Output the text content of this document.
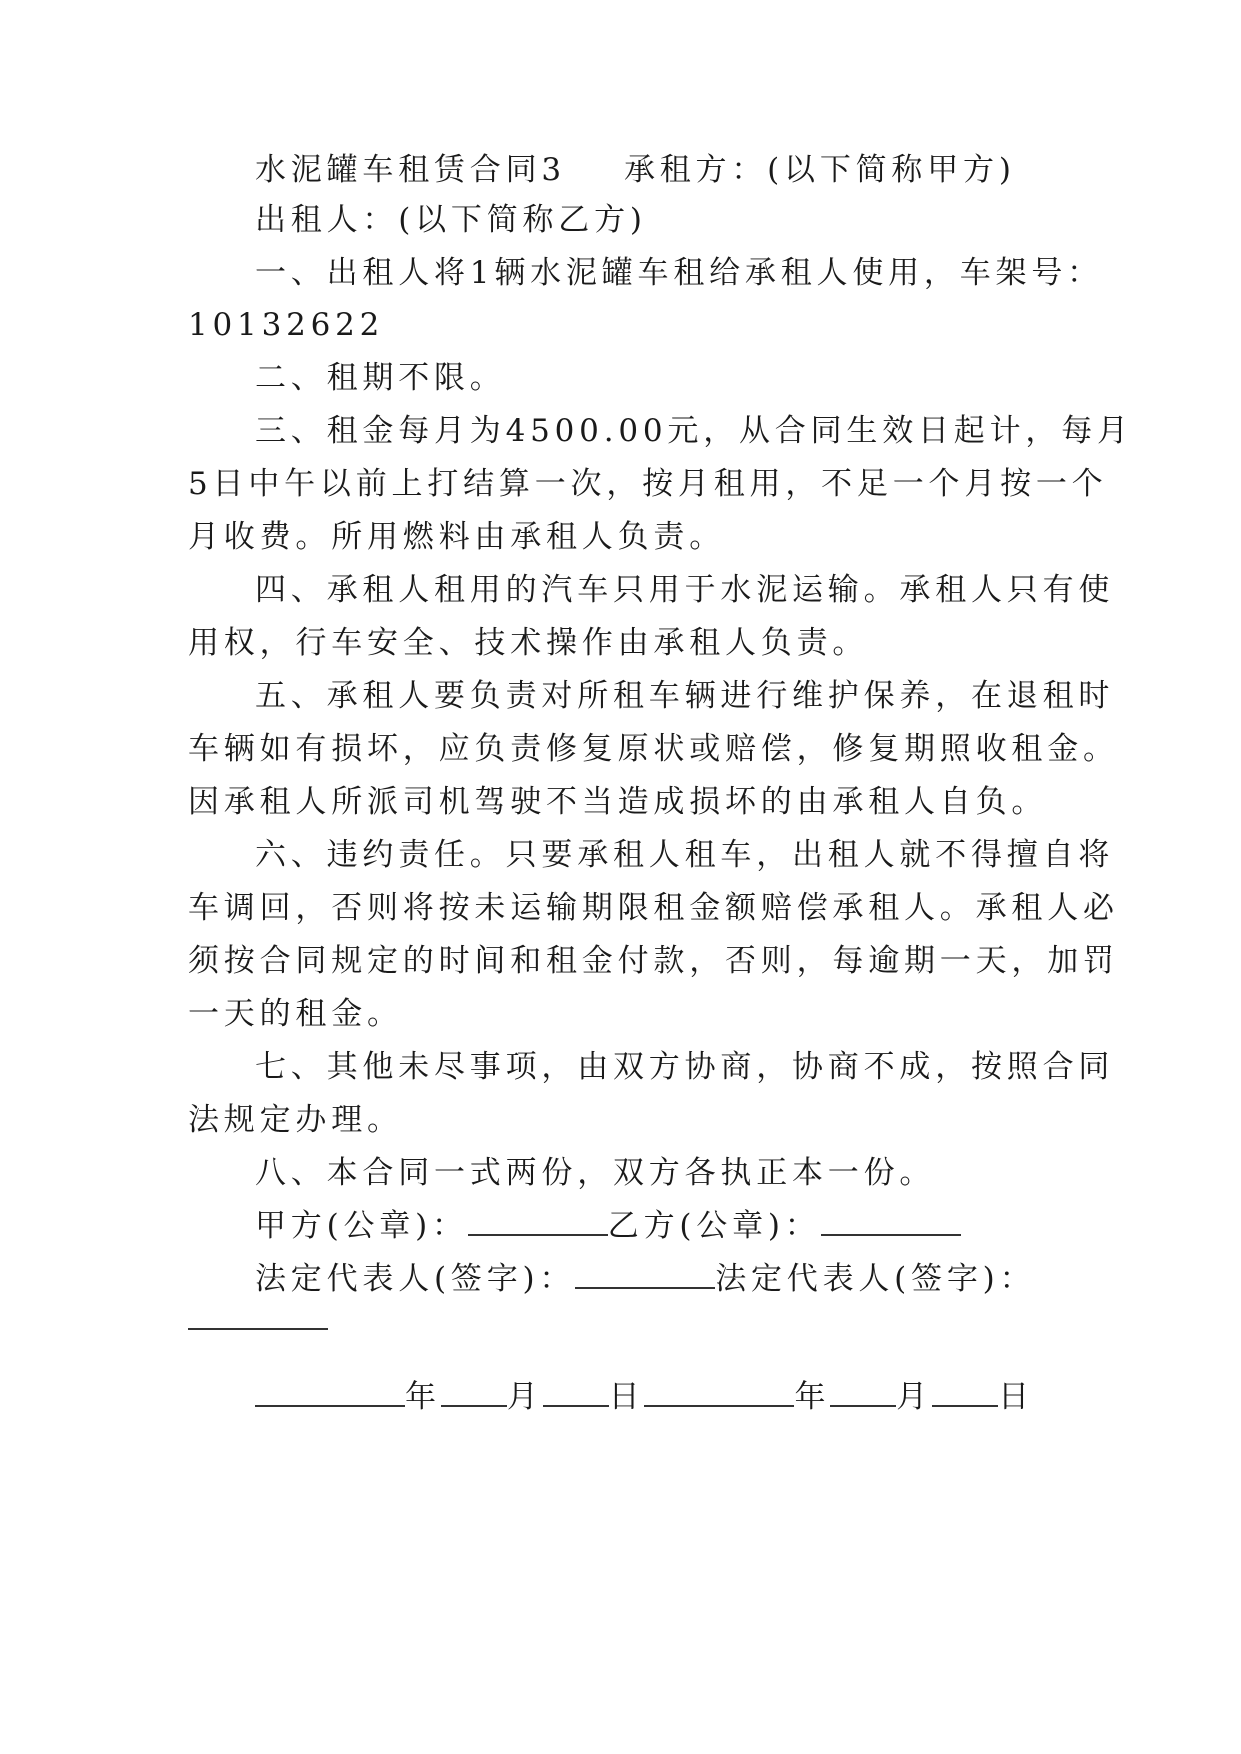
水泥罐车租赁合同3 承租方：(以下简称甲方)
出租人：(以下简称乙方)
一、出租人将1辆水泥罐车租给承租人使用，车架号：
10132622
二、租期不限。
三、租金每月为4500.00元，从合同生效日起计，每月
5日中午以前上打结算一次，按月租用，不足一个月按一个
月收费。所用燃料由承租人负责。
四、承租人租用的汽车只用于水泥运输。承租人只有使
用权，行车安全、技术操作由承租人负责。
五、承租人要负责对所租车辆进行维护保养，在退租时
车辆如有损坏，应负责修复原状或赔偿，修复期照收租金。
因承租人所派司机驾驶不当造成损坏的由承租人自负。
六、违约责任。只要承租人租车，出租人就不得擅自将
车调回，否则将按未运输期限租金额赔偿承租人。承租人必
须按合同规定的时间和租金付款，否则，每逾期一天，加罚
一天的租金。
七、其他未尽事项，由双方协商，协商不成，按照合同
法规定办理。
八、本合同一式两份，双方各执正本一份。
甲方(公章)：	乙方(公章)：
法定代表人(签字)：	法定代表人(签字)：
年 月 日	年 月 日
